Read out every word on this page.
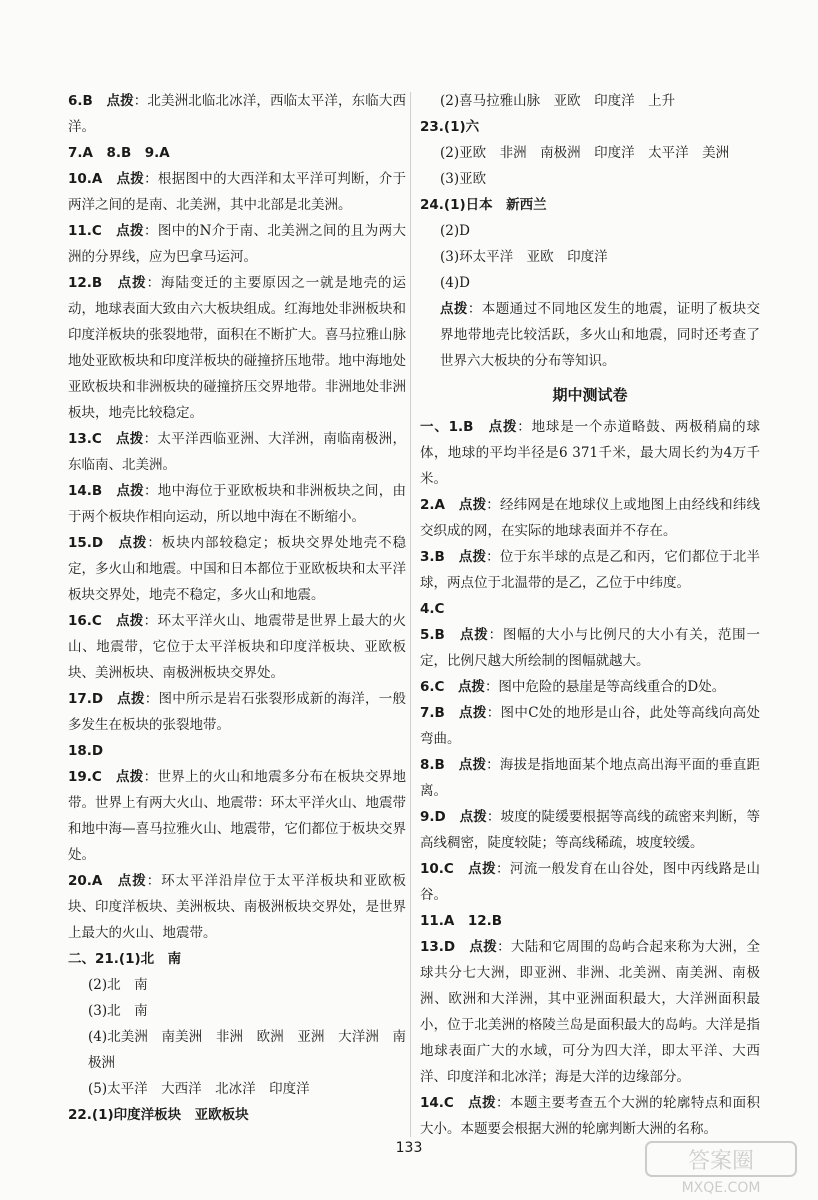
6.B　 点拨：北美洲北临北冰洋，西临太平洋，东临大西洋。
7.A　8.B　9.A
10.A　 点拨：根据图中的大西洋和太平洋可判断，介于两洋之间的是南、北美洲，其中北部是北美洲。
11.C　 点拨：图中的N介于南、北美洲之间的且为两大洲的分界线，应为巴拿马运河。
12.B　 点拨：海陆变迁的主要原因之一就是地壳的运动，地球表面大致由六大板块组成。红海地处非洲板块和印度洋板块的张裂地带，面积在不断扩大。喜马拉雅山脉地处亚欧板块和印度洋板块的碰撞挤压地带。地中海地处亚欧板块和非洲板块的碰撞挤压交界地带。非洲地处非洲板块，地壳比较稳定。
13.C　 点拨：太平洋西临亚洲、大洋洲，南临南极洲，东临南、北美洲。
14.B　 点拨：地中海位于亚欧板块和非洲板块之间，由于两个板块作相向运动，所以地中海在不断缩小。
15.D　 点拨：板块内部较稳定；板块交界处地壳不稳定，多火山和地震。中国和日本都位于亚欧板块和太平洋板块交界处，地壳不稳定，多火山和地震。
16.C　 点拨：环太平洋火山、地震带是世界上最大的火山、地震带，它位于太平洋板块和印度洋板块、亚欧板块、美洲板块、南极洲板块交界处。
17.D　 点拨：图中所示是岩石张裂形成新的海洋，一般多发生在板块的张裂地带。
18.D
19.C　 点拨：世界上的火山和地震多分布在板块交界地带。世界上有两大火山、地震带：环太平洋火山、地震带和地中海—喜马拉雅火山、地震带，它们都位于板块交界处。
20.A　 点拨：环太平洋沿岸位于太平洋板块和亚欧板块、印度洋板块、美洲板块、南极洲板块交界处，是世界上最大的火山、地震带。
二、21.(1)北　南
(2)北　南
(3)北　南
(4)北美洲　南美洲　非洲　欧洲　亚洲　大洋洲　南极洲
(5)太平洋　大西洋　北冰洋　印度洋
22.(1)印度洋板块　亚欧板块
(2)喜马拉雅山脉　亚欧　印度洋　上升
23.(1)六
(2)亚欧　非洲　南极洲　印度洋　太平洋　美洲
(3)亚欧
24.(1)日本　新西兰
(2)D
(3)环太平洋　亚欧　印度洋
(4)D
点拨：本题通过不同地区发生的地震，证明了板块交界地带地壳比较活跃，多火山和地震，同时还考查了世界六大板块的分布等知识。
期中测试卷
一、1.B　 点拨：地球是一个赤道略鼓、两极稍扁的球体，地球的平均半径是6 371千米，最大周长约为4万千米。
2.A　 点拨：经纬网是在地球仪上或地图上由经线和纬线交织成的网，在实际的地球表面并不存在。
3.B　 点拨：位于东半球的点是乙和丙，它们都位于北半球，两点位于北温带的是乙，乙位于中纬度。
4.C
5.B　 点拨：图幅的大小与比例尺的大小有关，范围一定，比例尺越大所绘制的图幅就越大。
6.C　 点拨：图中危险的悬崖是等高线重合的D处。
7.B　 点拨：图中C处的地形是山谷，此处等高线向高处弯曲。
8.B　 点拨：海拔是指地面某个地点高出海平面的垂直距离。
9.D　 点拨：坡度的陡缓要根据等高线的疏密来判断，等高线稠密，陡度较陡；等高线稀疏，坡度较缓。
10.C　 点拨：河流一般发育在山谷处，图中丙线路是山谷。
11.A　12.B
13.D　 点拨：大陆和它周围的岛屿合起来称为大洲，全球共分七大洲，即亚洲、非洲、北美洲、南美洲、南极洲、欧洲和大洋洲，其中亚洲面积最大，大洋洲面积最小，位于北美洲的格陵兰岛是面积最大的岛屿。大洋是指地球表面广大的水域，可分为四大洋，即太平洋、大西洋、印度洋和北冰洋；海是大洋的边缘部分。
14.C　 点拨：本题主要考查五个大洲的轮廓特点和面积大小。本题要会根据大洲的轮廓判断大洲的名称。
133
答案圈
MXQE.COM
